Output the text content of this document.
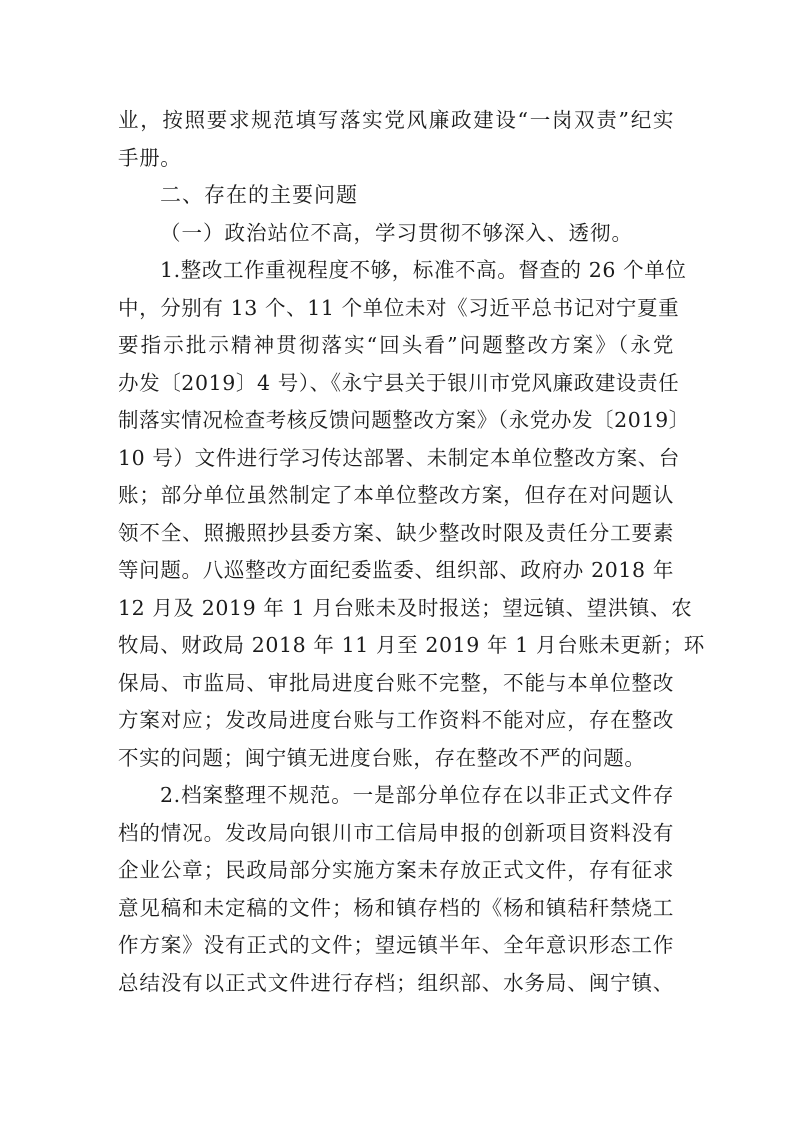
业，按照要求规范填写落实党风廉政建设“一岗双责”纪实
手册。
二、存在的主要问题
（一）政治站位不高，学习贯彻不够深入、透彻。
1.整改工作重视程度不够，标准不高。督查的 26 个单位
中，分别有 13 个、11 个单位未对《习近平总书记对宁夏重
要指示批示精神贯彻落实“回头看”问题整改方案》（永党
办发〔2019〕4 号）、《永宁县关于银川市党风廉政建设责任
制落实情况检查考核反馈问题整改方案》（永党办发〔2019〕
10 号）文件进行学习传达部署、未制定本单位整改方案、台
账；部分单位虽然制定了本单位整改方案，但存在对问题认
领不全、照搬照抄县委方案、缺少整改时限及责任分工要素
等问题。八巡整改方面纪委监委、组织部、政府办 2018 年
12 月及 2019 年 1 月台账未及时报送；望远镇、望洪镇、农
牧局、财政局 2018 年 11 月至 2019 年 1 月台账未更新；环
保局、市监局、审批局进度台账不完整，不能与本单位整改
方案对应；发改局进度台账与工作资料不能对应，存在整改
不实的问题；闽宁镇无进度台账，存在整改不严的问题。
2.档案整理不规范。一是部分单位存在以非正式文件存
档的情况。发改局向银川市工信局申报的创新项目资料没有
企业公章；民政局部分实施方案未存放正式文件，存有征求
意见稿和未定稿的文件；杨和镇存档的《杨和镇秸秆禁烧工
作方案》没有正式的文件；望远镇半年、全年意识形态工作
总结没有以正式文件进行存档；组织部、水务局、闽宁镇、
